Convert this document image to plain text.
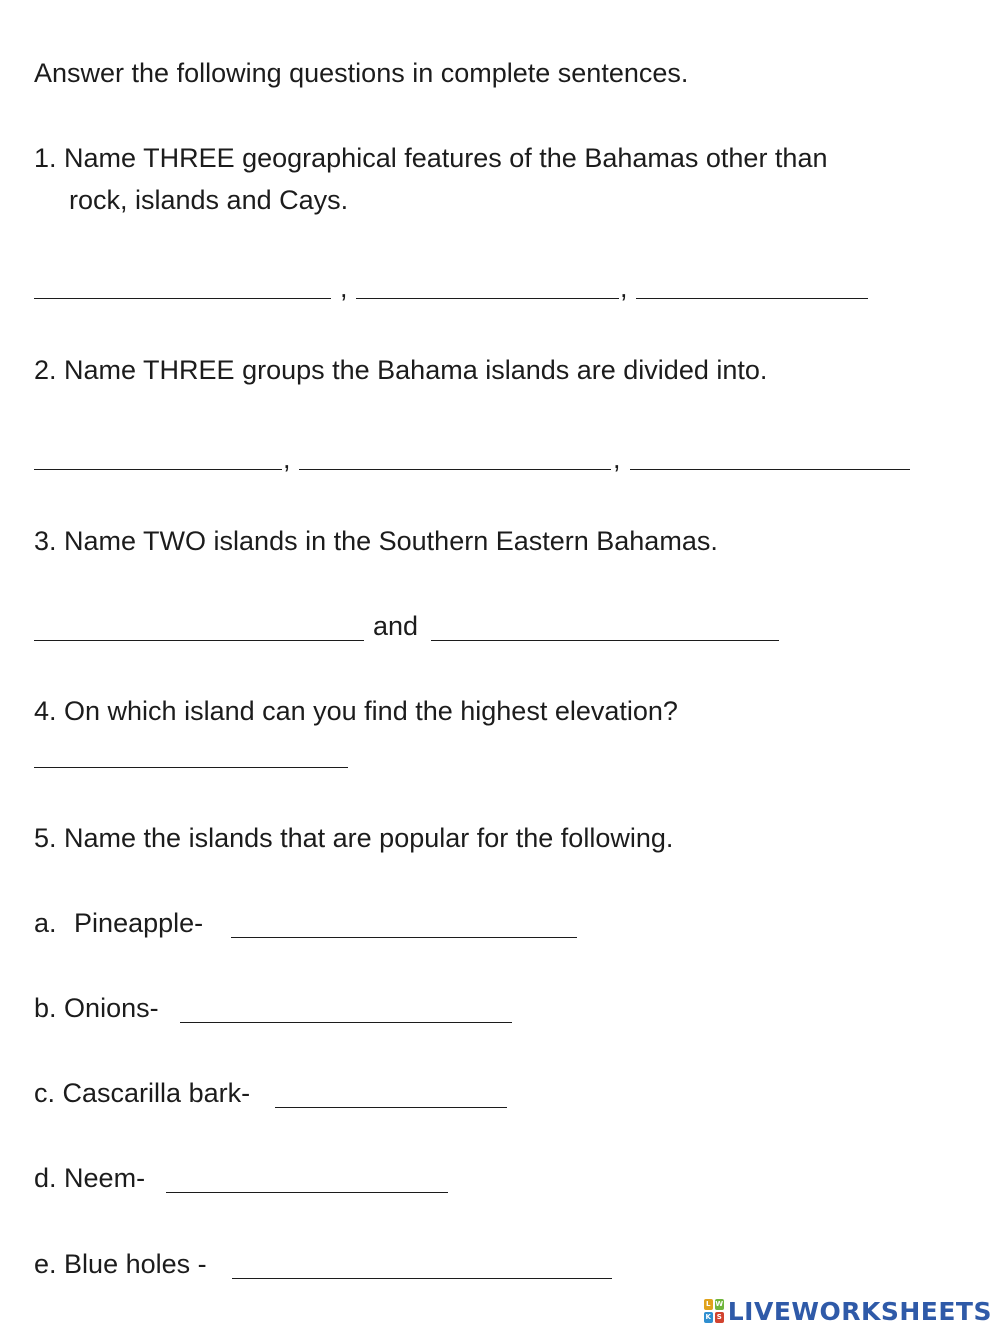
Answer the following questions in complete sentences.
1. Name THREE geographical features of the Bahamas other than
rock, islands and Cays.
,	,
2. Name THREE groups the Bahama islands are divided into.
,	,
3. Name TWO islands in the Southern Eastern Bahamas.
and
4. On which island can you find the highest elevation?
5. Name the islands that are popular for the following.
a. Pineapple-
b. Onions-
c. Cascarilla bark-
d. Neem-
e. Blue holes -
L W
K S LIVEWORKSHEETS
